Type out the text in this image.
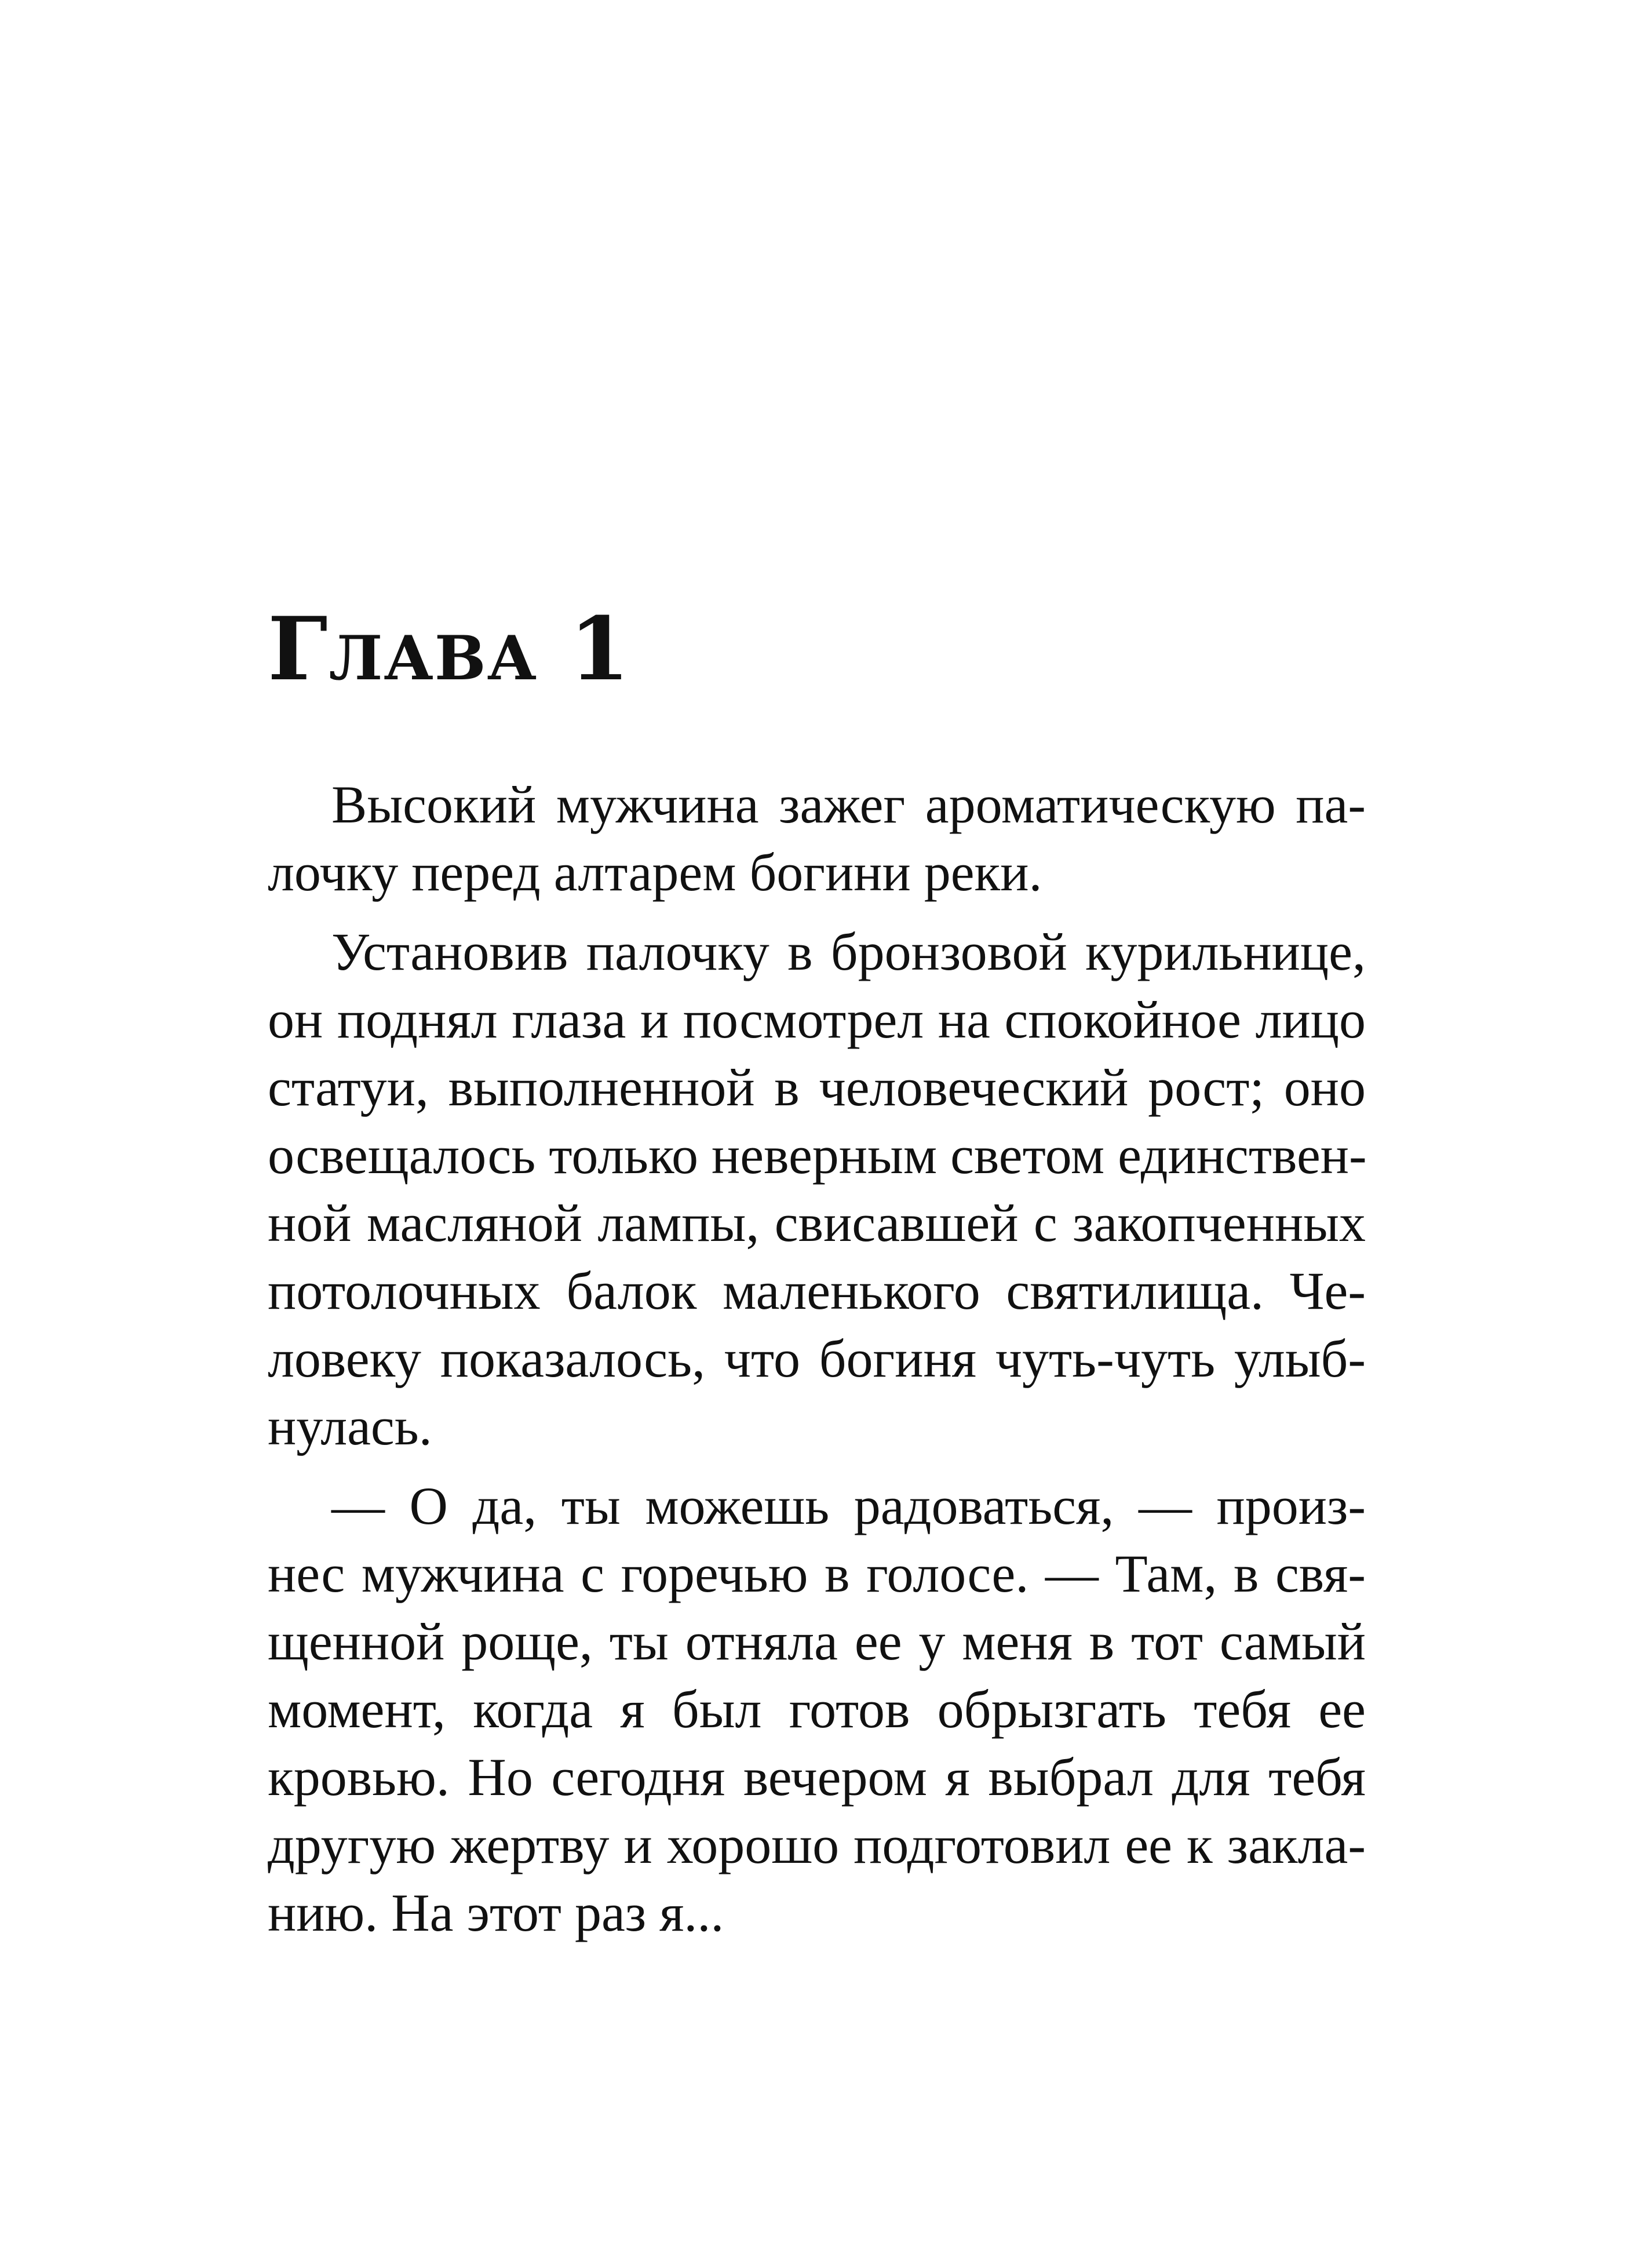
Глава 1

Высокий мужчина зажег ароматическую па-
лочку перед алтарем богини реки.

Установив палочку в бронзовой курильнице,
он поднял глаза и посмотрел на спокойное лицо
статуи, выполненной в человеческий рост; оно
освещалось только неверным светом единствен-
ной масляной лампы, свисавшей с закопченных
потолочных балок маленького святилища. Че-
ловеку показалось, что богиня чуть-чуть улыб-
нулась.

— О да, ты можешь радоваться, — произ-
нес мужчина с горечью в голосе. — Там, в свя-
щенной роще, ты отняла ее у меня в тот самый
момент, когда я был готов обрызгать тебя ее
кровью. Но сегодня вечером я выбрал для тебя
другую жертву и хорошо подготовил ее к закла-
нию. На этот раз я...
